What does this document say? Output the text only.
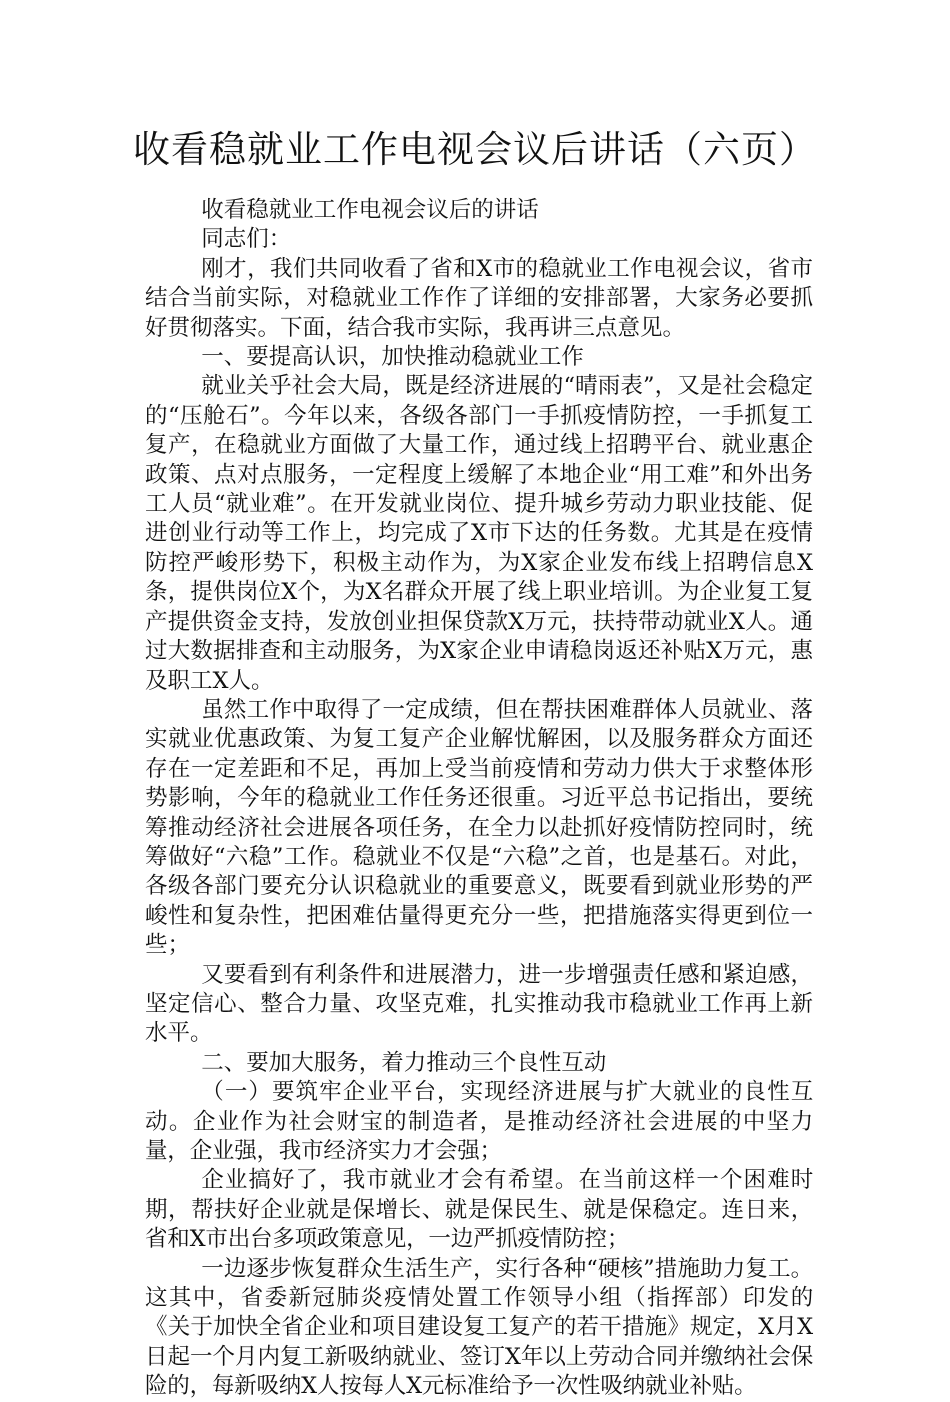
收看稳就业工作电视会议后讲话（六页）

收看稳就业工作电视会议后的讲话

同志们：

刚才，我们共同收看了省和X市的稳就业工作电视会议，省市结合当前实际，对稳就业工作作了详细的安排部署，大家务必要抓好贯彻落实。下面，结合我市实际，我再讲三点意见。

一、要提高认识，加快推动稳就业工作

就业关乎社会大局，既是经济进展的“晴雨表”，又是社会稳定的“压舱石”。今年以来，各级各部门一手抓疫情防控，一手抓复工复产，在稳就业方面做了大量工作，通过线上招聘平台、就业惠企政策、点对点服务，一定程度上缓解了本地企业“用工难”和外出务工人员“就业难”。在开发就业岗位、提升城乡劳动力职业技能、促进创业行动等工作上，均完成了X市下达的任务数。尤其是在疫情防控严峻形势下，积极主动作为，为X家企业发布线上招聘信息X条，提供岗位X个，为X名群众开展了线上职业培训。为企业复工复产提供资金支持，发放创业担保贷款X万元，扶持带动就业X人。通过大数据排查和主动服务，为X家企业申请稳岗返还补贴X万元，惠及职工X人。

虽然工作中取得了一定成绩，但在帮扶困难群体人员就业、落实就业优惠政策、为复工复产企业解忧解困，以及服务群众方面还存在一定差距和不足，再加上受当前疫情和劳动力供大于求整体形势影响，今年的稳就业工作任务还很重。习近平总书记指出，要统筹推动经济社会进展各项任务，在全力以赴抓好疫情防控同时，统筹做好“六稳”工作。稳就业不仅是“六稳”之首，也是基石。对此，各级各部门要充分认识稳就业的重要意义，既要看到就业形势的严峻性和复杂性，把困难估量得更充分一些，把措施落实得更到位一些；

又要看到有利条件和进展潜力，进一步增强责任感和紧迫感，坚定信心、整合力量、攻坚克难，扎实推动我市稳就业工作再上新水平。

二、要加大服务，着力推动三个良性互动

（一）要筑牢企业平台，实现经济进展与扩大就业的良性互动。企业作为社会财宝的制造者，是推动经济社会进展的中坚力量，企业强，我市经济实力才会强；

企业搞好了，我市就业才会有希望。在当前这样一个困难时期，帮扶好企业就是保增长、就是保民生、就是保稳定。连日来，省和X市出台多项政策意见，一边严抓疫情防控；

一边逐步恢复群众生活生产，实行各种“硬核”措施助力复工。这其中，省委新冠肺炎疫情处置工作领导小组（指挥部）印发的《关于加快全省企业和项目建设复工复产的若干措施》规定，X月X日起一个月内复工新吸纳就业、签订X年以上劳动合同并缴纳社会保险的，每新吸纳X人按每人X元标准给予一次性吸纳就业补贴。
